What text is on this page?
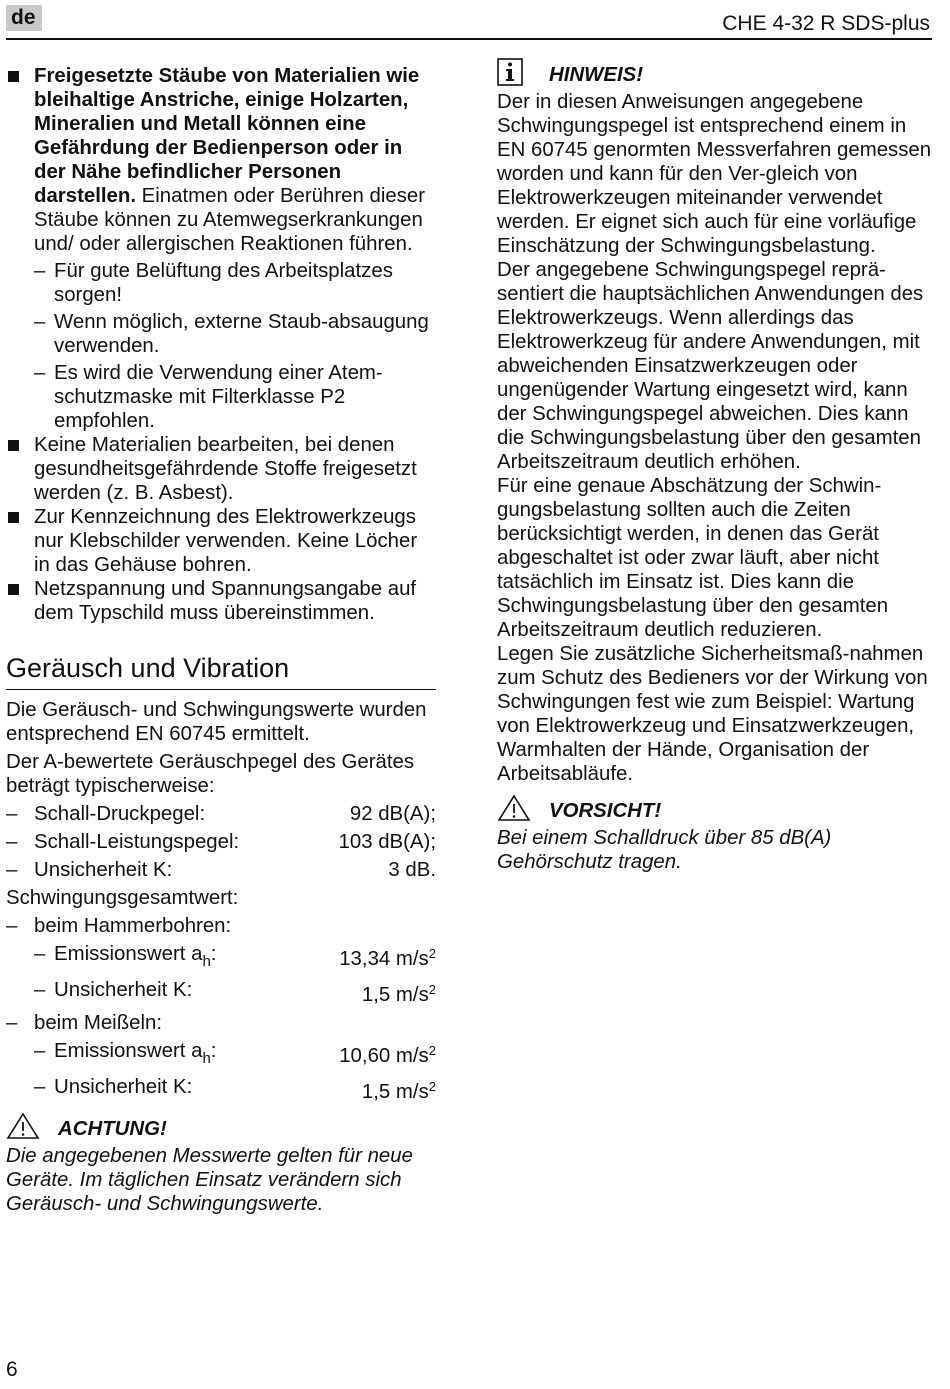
de	CHE 4-32 R SDS-plus
Freigesetzte Stäube von Materialien wie bleihaltige Anstriche, einige Holzarten, Mineralien und Metall können eine Gefährdung der Bedienperson oder in der Nähe befindlicher Personen darstellen. Einatmen oder Berühren dieser Stäube können zu Atemwegserkrankungen und/ oder allergischen Reaktionen führen.
– Für gute Belüftung des Arbeitsplatzes sorgen!
– Wenn möglich, externe Staub-absaugung verwenden.
– Es wird die Verwendung einer Atem-schutzmaske mit Filterklasse P2 empfohlen.
Keine Materialien bearbeiten, bei denen gesundheitsgefährdende Stoffe freigesetzt werden (z. B. Asbest).
Zur Kennzeichnung des Elektrowerkzeugs nur Klebschilder verwenden. Keine Löcher in das Gehäuse bohren.
Netzspannung und Spannungsangabe auf dem Typschild muss übereinstimmen.
Geräusch und Vibration
Die Geräusch- und Schwingungswerte wurden entsprechend EN 60745 ermittelt.
Der A-bewertete Geräuschpegel des Gerätes beträgt typischerweise:
– Schall-Druckpegel:	92 dB(A);
– Schall-Leistungspegel:	103 dB(A);
– Unsicherheit K:	3 dB.
Schwingungsgesamtwert:
– beim Hammerbohren:
– Emissionswert $a_h$:	13,34 $m/s^2$
– Unsicherheit K:	1,5 $m/s^2$
– beim Meißeln:
– Emissionswert $a_h$:	10,60 $m/s^2$
– Unsicherheit K:	1,5 $m/s^2$
ACHTUNG!
Die angegebenen Messwerte gelten für neue Geräte. Im täglichen Einsatz verändern sich Geräusch- und Schwingungswerte.
HINWEIS!
Der in diesen Anweisungen angegebene Schwingungspegel ist entsprechend einem in EN 60745 genormten Messverfahren gemessen worden und kann für den Ver-gleich von Elektrowerkzeugen miteinander verwendet werden. Er eignet sich auch für eine vorläufige Einschätzung der Schwingungsbelastung.
Der angegebene Schwingungspegel reprä-sentiert die hauptsächlichen Anwendungen des Elektrowerkzeugs. Wenn allerdings das Elektrowerkzeug für andere Anwendungen, mit abweichenden Einsatzwerkzeugen oder ungenügender Wartung eingesetzt wird, kann der Schwingungspegel abweichen. Dies kann die Schwingungsbelastung über den gesamten Arbeitszeitraum deutlich erhöhen.
Für eine genaue Abschätzung der Schwin-gungsbelastung sollten auch die Zeiten berücksichtigt werden, in denen das Gerät abgeschaltet ist oder zwar läuft, aber nicht tatsächlich im Einsatz ist. Dies kann die Schwingungsbelastung über den gesamten Arbeitszeitraum deutlich reduzieren.
Legen Sie zusätzliche Sicherheitsmaß-nahmen zum Schutz des Bedieners vor der Wirkung von Schwingungen fest wie zum Beispiel: Wartung von Elektrowerkzeug und Einsatzwerkzeugen, Warmhalten der Hände, Organisation der Arbeitsabläufe.
VORSICHT!
Bei einem Schalldruck über 85 dB(A) Gehörschutz tragen.
6
